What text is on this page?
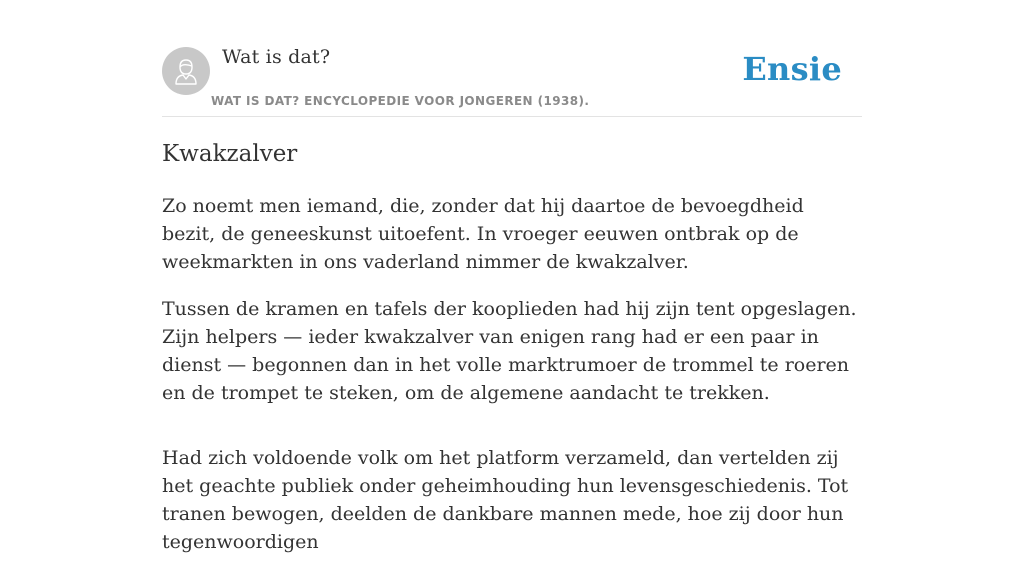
Wat is dat?
WAT IS DAT? ENCYCLOPEDIE VOOR JONGEREN (1938).
Ensie
Kwakzalver

Zo noemt men iemand, die, zonder dat hij daartoe de bevoegdheid bezit, de geneeskunst uitoefent. In vroeger eeuwen ontbrak op de weekmarkten in ons vaderland nimmer de kwakzalver.

Tussen de kramen en tafels der kooplieden had hij zijn tent opgeslagen. Zijn helpers — ieder kwakzalver van enigen rang had er een paar in dienst — begonnen dan in het volle marktrumoer de trommel te roeren en de trompet te steken, om de algemene aandacht te trekken.

Had zich voldoende volk om het platform verzameld, dan vertelden zij het geachte publiek onder geheimhouding hun levensgeschiedenis. Tot tranen bewogen, deelden de dankbare mannen mede, hoe zij door hun tegenwoordigen
